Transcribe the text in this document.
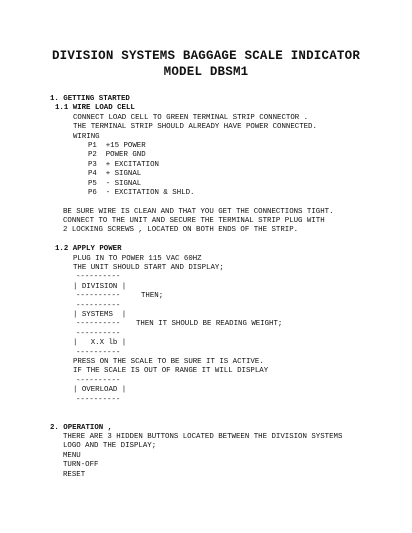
DIVISION SYSTEMS BAGGAGE SCALE INDICATOR
MODEL DBSM1
1. GETTING STARTED
1.1 WIRE LOAD CELL
CONNECT LOAD CELL TO GREEN TERMINAL STRIP CONNECTOR .
THE TERMINAL STRIP SHOULD ALREADY HAVE POWER CONNECTED.
WIRING
P1  +15 POWER
P2  POWER GND
P3  + EXCITATION
P4  + SIGNAL
P5  - SIGNAL
P6  - EXCITATION & SHLD.
BE SURE WIRE IS CLEAN AND THAT YOU GET THE CONNECTIONS TIGHT.
CONNECT TO THE UNIT AND SECURE THE TERMINAL STRIP PLUG WITH
2 LOCKING SCREWS , LOCATED ON BOTH ENDS OF THE STRIP.
1.2 APPLY POWER
PLUG IN TO POWER 115 VAC 60HZ
THE UNIT SHOULD START AND DISPLAY;
----------
| DIVISION |

----------

	THEN;

----------
| SYSTEMS  |

----------

THEN IT SHOULD BE READING WEIGHT;

----------
|   X.X lb |
----------
PRESS ON THE SCALE TO BE SURE IT IS ACTIVE.
IF THE SCALE IS OUT OF RANGE IT WILL DISPLAY
----------
| OVERLOAD |
----------
2. OPERATION ,
THERE ARE 3 HIDDEN BUTTONS LOCATED BETWEEN THE DIVISION SYSTEMS
LOGO AND THE DISPLAY;
MENU
TURN-OFF
RESET
